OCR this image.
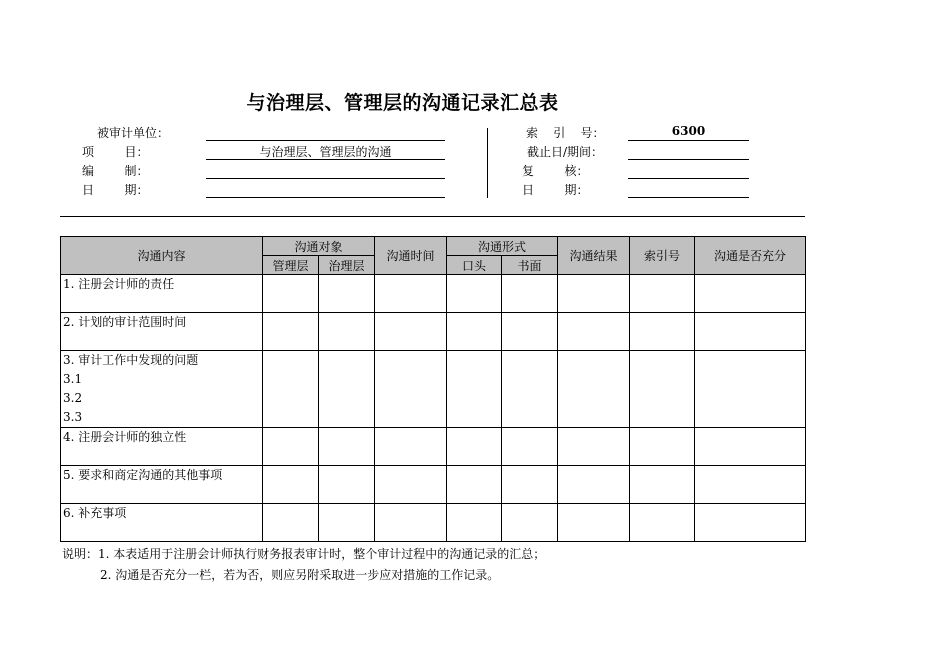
与治理层、管理层的沟通记录汇总表
被审计单位：
项        目：	与治理层、管理层的沟通
编        制：
日        期：
索    引    号：	6300
截止日/期间：
复        核：
日        期：
沟通内容	沟通对象		沟通时间	沟通形式		沟通结果	索引号	沟通是否充分
	管理层	治理层		口头	书面			

1. 注册会计师的责任								

2. 计划的审计范围时间								

3. 审计工作中发现的问题
3.1
3.2
3.3								

4. 注册会计师的独立性								

5. 要求和商定沟通的其他事项								

6. 补充事项								

说明：1. 本表适用于注册会计师执行财务报表审计时，整个审计过程中的沟通记录的汇总；
2. 沟通是否充分一栏，若为否，则应另附采取进一步应对措施的工作记录。
